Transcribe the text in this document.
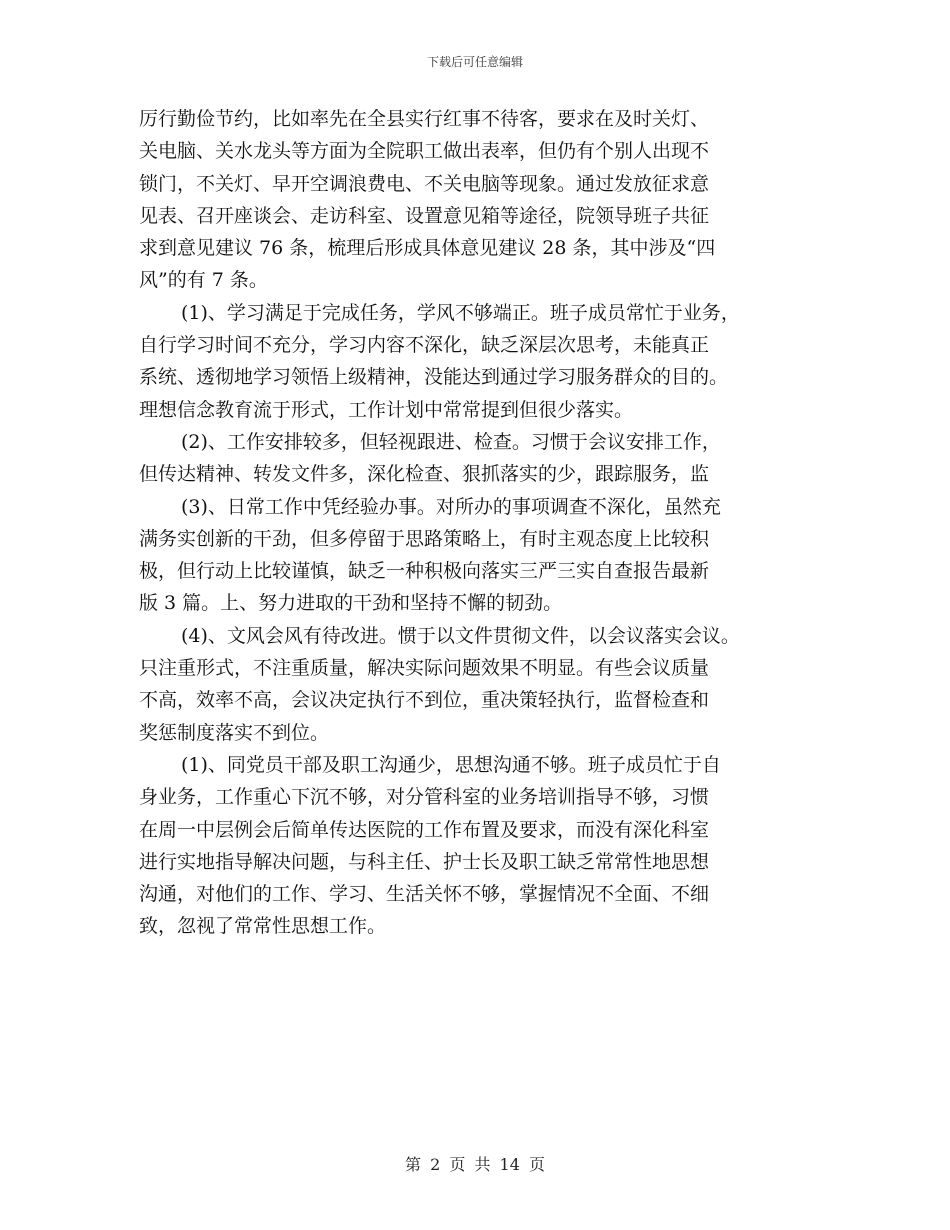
下载后可任意编辑
厉行勤俭节约，比如率先在全县实行红事不待客，要求在及时关灯、
关电脑、关水龙头等方面为全院职工做出表率，但仍有个别人出现不
锁门，不关灯、早开空调浪费电、不关电脑等现象。通过发放征求意
见表、召开座谈会、走访科室、设置意见箱等途径，院领导班子共征
求到意见建议 76 条，梳理后形成具体意见建议 28 条，其中涉及“四
风”的有 7 条。
(1)、学习满足于完成任务，学风不够端正。班子成员常忙于业务，
自行学习时间不充分，学习内容不深化，缺乏深层次思考，未能真正
系统、透彻地学习领悟上级精神，没能达到通过学习服务群众的目的。
理想信念教育流于形式，工作计划中常常提到但很少落实。
(2)、工作安排较多，但轻视跟进、检查。习惯于会议安排工作，
但传达精神、转发文件多，深化检查、狠抓落实的少，跟踪服务，监
(3)、日常工作中凭经验办事。对所办的事项调查不深化，虽然充
满务实创新的干劲，但多停留于思路策略上，有时主观态度上比较积
极，但行动上比较谨慎，缺乏一种积极向落实三严三实自查报告最新
版 3 篇。上、努力进取的干劲和坚持不懈的韧劲。
(4)、文风会风有待改进。惯于以文件贯彻文件，以会议落实会议。
只注重形式，不注重质量，解决实际问题效果不明显。有些会议质量
不高，效率不高，会议决定执行不到位，重决策轻执行，监督检查和
奖惩制度落实不到位。
(1)、同党员干部及职工沟通少，思想沟通不够。班子成员忙于自
身业务，工作重心下沉不够，对分管科室的业务培训指导不够，习惯
在周一中层例会后简单传达医院的工作布置及要求，而没有深化科室
进行实地指导解决问题，与科主任、护士长及职工缺乏常常性地思想
沟通，对他们的工作、学习、生活关怀不够，掌握情况不全面、不细
致，忽视了常常性思想工作。
第 2 页 共 14 页
